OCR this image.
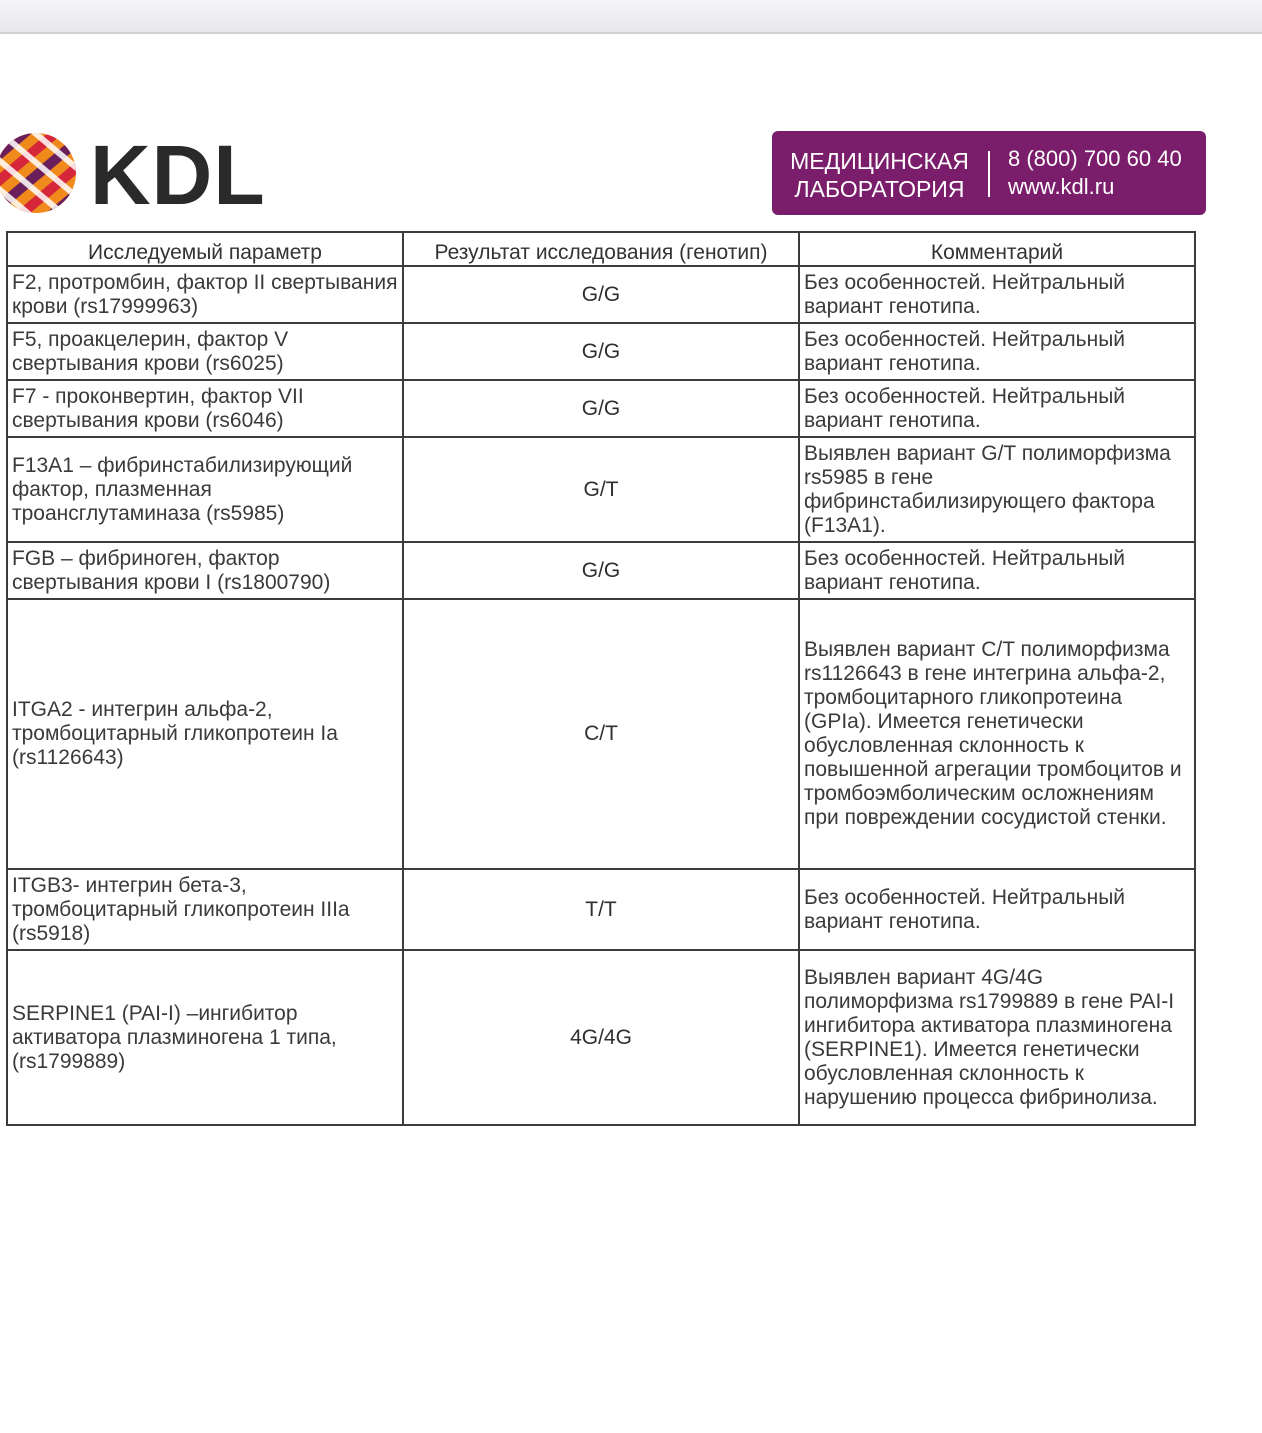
KDL	МЕДИЦИНСКАЯ
ЛАБОРАТОРИЯ
8 (800) 700 60 40
www.kdl.ru
Исследуемый параметр	Результат исследования (генотип)	Комментарий
F2, протромбин, фактор II свертывания крови (rs17999963)	G/G	Без особенностей. Нейтральный вариант генотипа.
F5, проакцелерин, фактор V свертывания крови (rs6025)	G/G	Без особенностей. Нейтральный вариант генотипа.
F7 - проконвертин, фактор VII свертывания крови (rs6046)	G/G	Без особенностей. Нейтральный вариант генотипа.
F13A1 – фибринстабилизирующий фактор, плазменная троансглутаминаза (rs5985)	G/T	Выявлен вариант G/T полиморфизма rs5985 в гене фибринстабилизирующего фактора (F13A1).
FGB – фибриноген, фактор свертывания крови I (rs1800790)	G/G	Без особенностей. Нейтральный вариант генотипа.
ITGA2 - интегрин альфа-2, тромбоцитарный гликопротеин Ia (rs1126643)	C/T	Выявлен вариант С/T полиморфизма rs1126643 в гене интегрина альфа-2, тромбоцитарного гликопротеина (GPIa). Имеется генетически обусловленная склонность к повышенной агрегации тромбоцитов и тромбоэмболическим осложнениям при повреждении сосудистой стенки.
ITGB3- интегрин бета-3, тромбоцитарный гликопротеин IIIa (rs5918)	T/T	Без особенностей. Нейтральный вариант генотипа.
SERPINE1 (PAI-I) –ингибитор активатора плазминогена 1 типа, (rs1799889)	4G/4G	Выявлен вариант 4G/4G полиморфизма rs1799889 в гене PAI-I ингибитора активатора плазминогена (SERPINE1). Имеется генетически обусловленная склонность к нарушению процесса фибринолиза.
